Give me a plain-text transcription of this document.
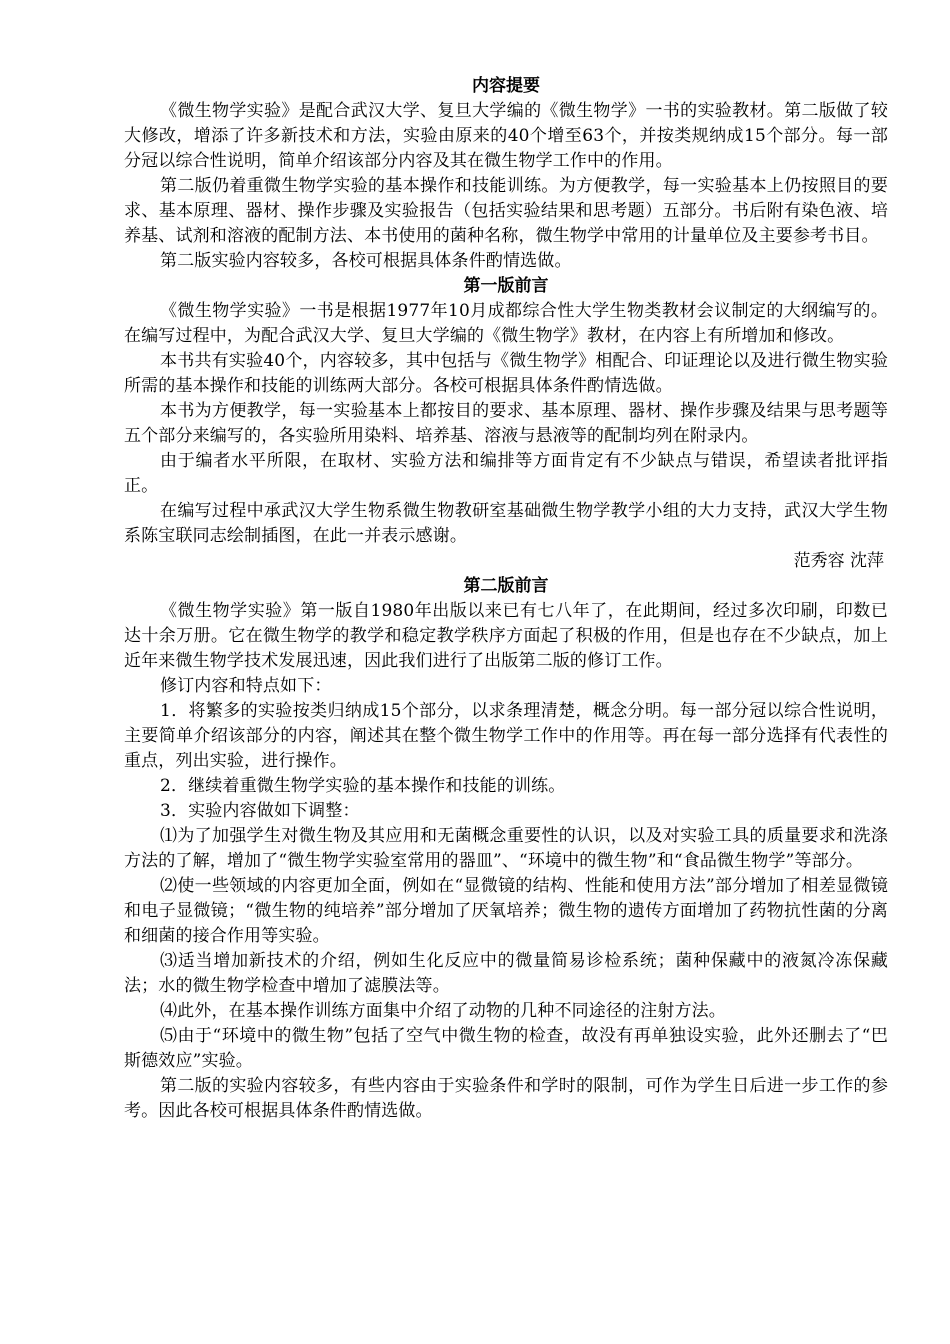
内容提要

《微生物学实验》是配合武汉大学、复旦大学编的《微生物学》一书的实验教材。第二版做了较大修改，增添了许多新技术和方法，实验由原来的40个增至63个，并按类规纳成15个部分。每一部分冠以综合性说明，简单介绍该部分内容及其在微生物学工作中的作用。

第二版仍着重微生物学实验的基本操作和技能训练。为方便教学，每一实验基本上仍按照目的要求、基本原理、器材、操作步骤及实验报告（包括实验结果和思考题）五部分。书后附有染色液、培养基、试剂和溶液的配制方法、本书使用的菌种名称，微生物学中常用的计量单位及主要参考书目。

第二版实验内容较多，各校可根据具体条件酌情选做。

第一版前言

《微生物学实验》一书是根据1977年10月成都综合性大学生物类教材会议制定的大纲编写的。在编写过程中，为配合武汉大学、复旦大学编的《微生物学》教材，在内容上有所增加和修改。

本书共有实验40个，内容较多，其中包括与《微生物学》相配合、印证理论以及进行微生物实验所需的基本操作和技能的训练两大部分。各校可根据具体条件酌情选做。

本书为方便教学，每一实验基本上都按目的要求、基本原理、器材、操作步骤及结果与思考题等五个部分来编写的，各实验所用染料、培养基、溶液与悬液等的配制均列在附录内。

由于编者水平所限，在取材、实验方法和编排等方面肯定有不少缺点与错误，希望读者批评指正。

在编写过程中承武汉大学生物系微生物教研室基础微生物学教学小组的大力支持，武汉大学生物系陈宝联同志绘制插图，在此一并表示感谢。

范秀容 沈萍

第二版前言

《微生物学实验》第一版自1980年出版以来已有七八年了，在此期间，经过多次印刷，印数已达十余万册。它在微生物学的教学和稳定教学秩序方面起了积极的作用，但是也存在不少缺点，加上近年来微生物学技术发展迅速，因此我们进行了出版第二版的修订工作。

修订内容和特点如下：

1．将繁多的实验按类归纳成15个部分，以求条理清楚，概念分明。每一部分冠以综合性说明，主要简单介绍该部分的内容，阐述其在整个微生物学工作中的作用等。再在每一部分选择有代表性的重点，列出实验，进行操作。

2．继续着重微生物学实验的基本操作和技能的训练。

3．实验内容做如下调整：

⑴为了加强学生对微生物及其应用和无菌概念重要性的认识，以及对实验工具的质量要求和洗涤方法的了解，增加了“微生物学实验室常用的器皿”、“环境中的微生物”和“食品微生物学”等部分。

⑵使一些领域的内容更加全面，例如在“显微镜的结构、性能和使用方法”部分增加了相差显微镜和电子显微镜；“微生物的纯培养”部分增加了厌氧培养；微生物的遗传方面增加了药物抗性菌的分离和细菌的接合作用等实验。

⑶适当增加新技术的介绍，例如生化反应中的微量简易诊检系统；菌种保藏中的液氮冷冻保藏法；水的微生物学检查中增加了滤膜法等。

⑷此外，在基本操作训练方面集中介绍了动物的几种不同途径的注射方法。

⑸由于“环境中的微生物”包括了空气中微生物的检查，故没有再单独设实验，此外还删去了“巴斯德效应”实验。

第二版的实验内容较多，有些内容由于实验条件和学时的限制，可作为学生日后进一步工作的参考。因此各校可根据具体条件酌情选做。
